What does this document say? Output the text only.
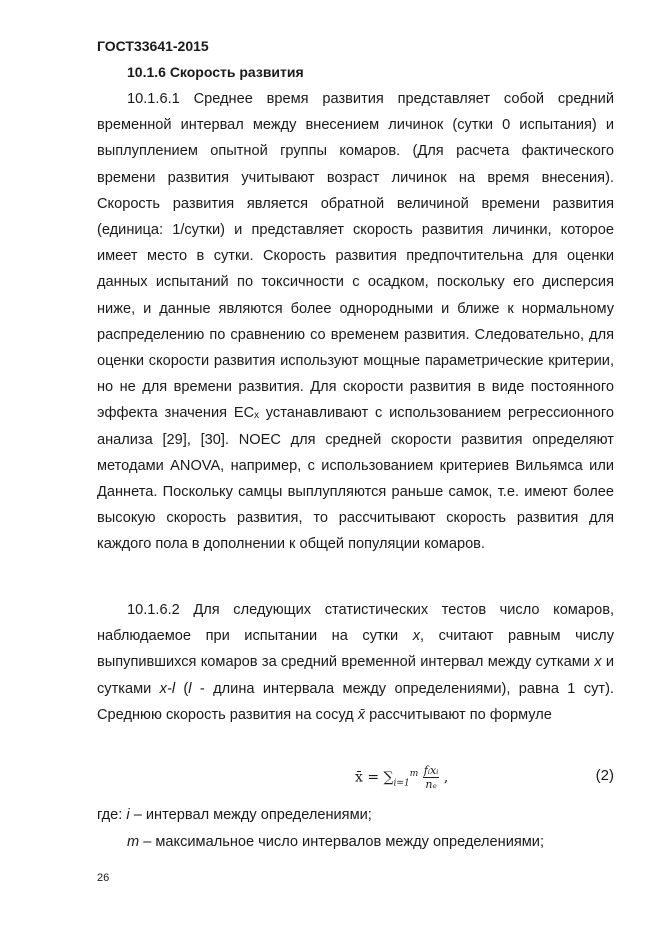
ГОСТ33641-2015
10.1.6 Скорость развития

10.1.6.1 Среднее время развития представляет собой средний временной интервал между внесением личинок (сутки 0 испытания) и выплуплением опытной группы комаров. (Для расчета фактического времени развития учитывают возраст личинок на время внесения). Скорость развития является обратной величиной времени развития (единица: 1/сутки) и представляет скорость развития личинки, которое имеет место в сутки. Скорость развития предпочтительна для оценки данных испытаний по токсичности с осадком, поскольку его дисперсия ниже, и данные являются более однородными и ближе к нормальному распределению по сравнению со временем развития. Следовательно, для оценки скорости развития используют мощные параметрические критерии, но не для времени развития. Для скорости развития в виде постоянного эффекта значения ECₓ устанавливают с использованием регрессионного анализа [29], [30]. NOEC для средней скорости развития определяют методами ANOVA, например, с использованием критериев Вильямса или Даннета. Поскольку самцы выплупляются раньше самок, т.е. имеют более высокую скорость развития, то рассчитывают скорость развития для каждого пола в дополнении к общей популяции комаров.

10.1.6.2 Для следующих статистических тестов число комаров, наблюдаемое при испытании на сутки x, считают равным числу выпупившихся комаров за средний временной интервал между сутками x и сутками x-l (l - длина интервала между определениями), равна 1 сут). Среднюю скорость развития на сосуд x̄ рассчитывают по формуле

x̄ = $\sum_{i=1}^m \frac{\text{fᵢxᵢ}}{\text{nₑ}}$ ,	(2)
где: i – интервал между определениями;
m – максимальное число интервалов между определениями;
26
